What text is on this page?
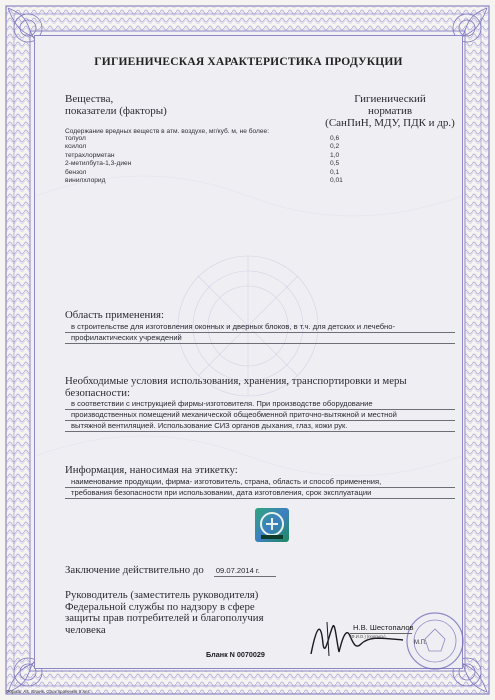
ГИГИЕНИЧЕСКАЯ ХАРАКТЕРИСТИКА ПРОДУКЦИИ
Вещества,
показатели (факторы)
Гигиенический
норматив
(СанПиН, МДУ, ПДК и др.)
Содержание вредных веществ в атм. воздухе, мг/куб. м, не более:
толуол
ксилол
тетрахлорметан
2-метилбута-1,3-диен
бензол
винилхлорид
0,6
0,2
1,0
0,5
0,1
0,01
Область применения:
в строительстве для изготовления оконных и дверных блоков, в т.ч. для детских и лечебно-
профилактических учреждений
Необходимые условия использования, хранения, транспортировки и меры
безопасности:
в соответствии с инструкцией фирмы-изготовителя. При производстве оборудование
производственных помещений механической общеобменной приточно-вытяжной и местной
вытяжной вентиляцией. Использование СИЗ органов дыхания, глаз, кожи рук.
Информация, наносимая на этикетку:
наименование продукции, фирма- изготовитель, страна, область и способ применения,
требования безопасности при использовании, дата изготовления, срок эксплуатации
Заключение действительно до 09.07.2014 г.
Руководитель (заместитель руководителя)
Федеральной службы по надзору в сфере
защиты прав потребителей и благополучия
человека	Н.В. Шестопалов
(Ф.И.О.) (подпись)
М.П.
Бланк N 0070029
Формат А4. Бланк. Срок хранения 5 лет.
